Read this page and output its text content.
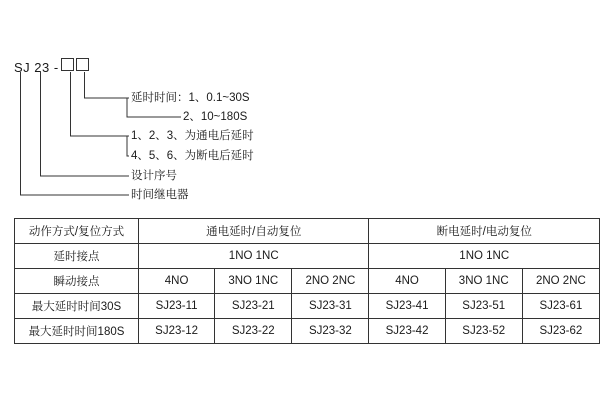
SJ 23 -
延时时间：1、0.1~30S
2、10~180S
1、2、3、为通电后延时
4、5、6、为断电后延时
设计序号
时间继电器
动作方式/复位方式	通电延时/自动复位			断电延时/电动复位		
延时接点	1NO 1NC			1NO 1NC		
瞬动接点	4NO	3NO 1NC	2NO 2NC	4NO	3NO 1NC	2NO 2NC
最大延时时间30S	SJ23-11	SJ23-21	SJ23-31	SJ23-41	SJ23-51	SJ23-61
最大延时时间180S	SJ23-12	SJ23-22	SJ23-32	SJ23-42	SJ23-52	SJ23-62
